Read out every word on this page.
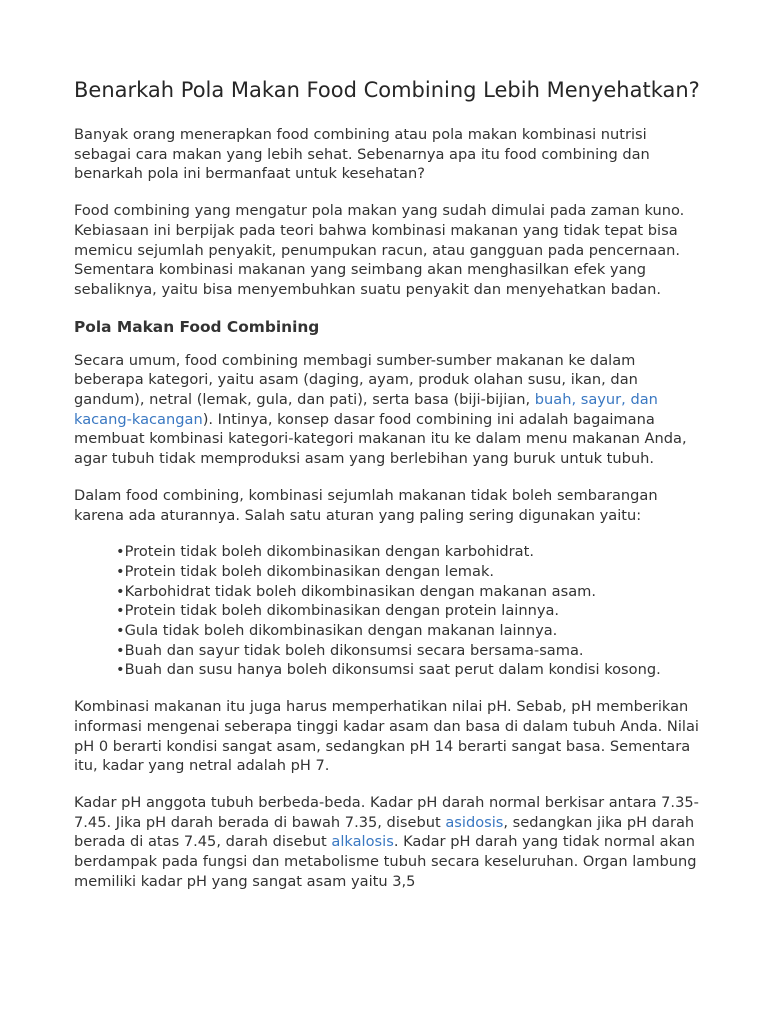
Benarkah Pola Makan Food Combining Lebih Menyehatkan?

Banyak orang menerapkan food combining atau pola makan kombinasi nutrisi sebagai cara makan yang lebih sehat. Sebenarnya apa itu food combining dan benarkah pola ini bermanfaat untuk kesehatan?

Food combining yang mengatur pola makan yang sudah dimulai pada zaman kuno. Kebiasaan ini berpijak pada teori bahwa kombinasi makanan yang tidak tepat bisa memicu sejumlah penyakit, penumpukan racun, atau gangguan pada pencernaan. Sementara kombinasi makanan yang seimbang akan menghasilkan efek yang sebaliknya, yaitu bisa menyembuhkan suatu penyakit dan menyehatkan badan.

Pola Makan Food Combining

Secara umum, food combining membagi sumber-sumber makanan ke dalam beberapa kategori, yaitu asam (daging, ayam, produk olahan susu, ikan, dan gandum), netral (lemak, gula, dan pati), serta basa (biji-bijian, buah, sayur, dan kacang-kacangan). Intinya, konsep dasar food combining ini adalah bagaimana membuat kombinasi kategori-kategori makanan itu ke dalam menu makanan Anda, agar tubuh tidak memproduksi asam yang berlebihan yang buruk untuk tubuh.

Dalam food combining, kombinasi sejumlah makanan tidak boleh sembarangan karena ada aturannya. Salah satu aturan yang paling sering digunakan yaitu:

•Protein tidak boleh dikombinasikan dengan karbohidrat.
•Protein tidak boleh dikombinasikan dengan lemak.
•Karbohidrat tidak boleh dikombinasikan dengan makanan asam.
•Protein tidak boleh dikombinasikan dengan protein lainnya.
•Gula tidak boleh dikombinasikan dengan makanan lainnya.
•Buah dan sayur tidak boleh dikonsumsi secara bersama-sama.
•Buah dan susu hanya boleh dikonsumsi saat perut dalam kondisi kosong.

Kombinasi makanan itu juga harus memperhatikan nilai pH. Sebab, pH memberikan informasi mengenai seberapa tinggi kadar asam dan basa di dalam tubuh Anda. Nilai pH 0 berarti kondisi sangat asam, sedangkan pH 14 berarti sangat basa. Sementara itu, kadar yang netral adalah pH 7.

Kadar pH anggota tubuh berbeda-beda. Kadar pH darah normal berkisar antara 7.35-7.45. Jika pH darah berada di bawah 7.35, disebut asidosis, sedangkan jika pH darah berada di atas 7.45, darah disebut alkalosis. Kadar pH darah yang tidak normal akan berdampak pada fungsi dan metabolisme tubuh secara keseluruhan. Organ lambung memiliki kadar pH yang sangat asam yaitu 3,5
